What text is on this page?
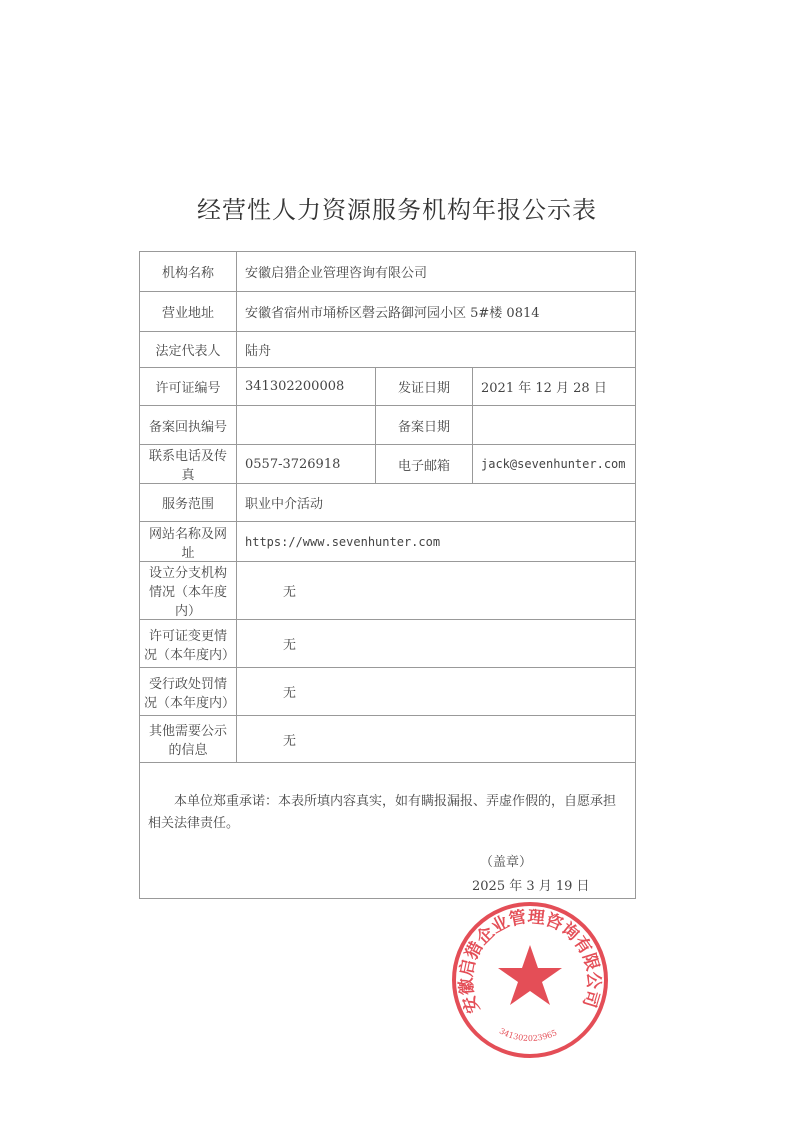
经营性人力资源服务机构年报公示表
机构名称	安徽启猎企业管理咨询有限公司		
营业地址	安徽省宿州市埇桥区磬云路御河园小区 5#楼 0814		
法定代表人	陆舟		
许可证编号	341302200008	发证日期	2021 年 12 月 28 日
备案回执编号		备案日期	
联系电话及传真	0557-3726918	电子邮箱	jack@sevenhunter.com
服务范围	职业中介活动		
网站名称及网址	https://www.sevenhunter.com		
设立分支机构情况（本年度内）	无		
许可证变更情况（本年度内）	无		
受行政处罚情况（本年度内）	无		
其他需要公示的信息	无		

本单位郑重承诺：本表所填内容真实，如有瞒报漏报、弄虚作假的，自愿承担相关法律责任。

（盖章）
2025 年 3 月 19 日			
安徽启猎企业管理咨询有限公司
341302023965
